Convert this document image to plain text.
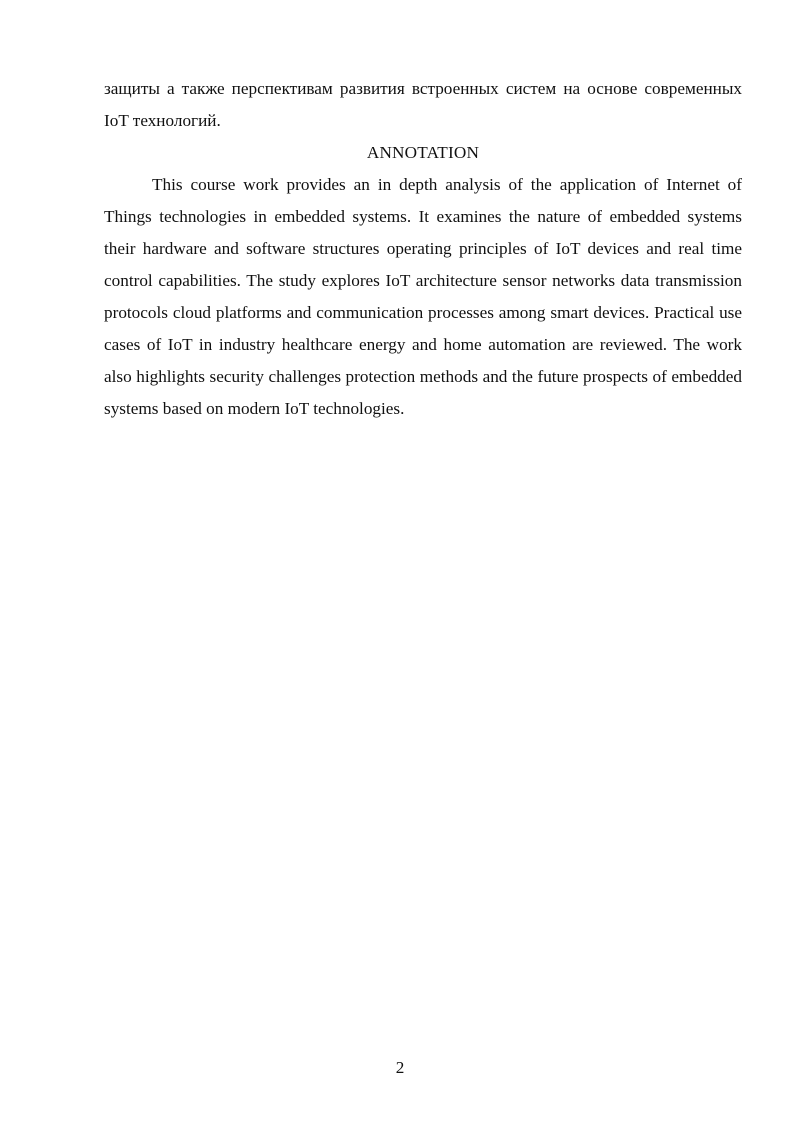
защиты а также перспективам развития встроенных систем на основе современных IoT технологий.

ANNOTATION

This course work provides an in depth analysis of the application of Internet of Things technologies in embedded systems. It examines the nature of embedded systems their hardware and software structures operating principles of IoT devices and real time control capabilities. The study explores IoT architecture sensor networks data transmission protocols cloud platforms and communication processes among smart devices. Practical use cases of IoT in industry healthcare energy and home automation are reviewed. The work also highlights security challenges protection methods and the future prospects of embedded systems based on modern IoT technologies.

2
